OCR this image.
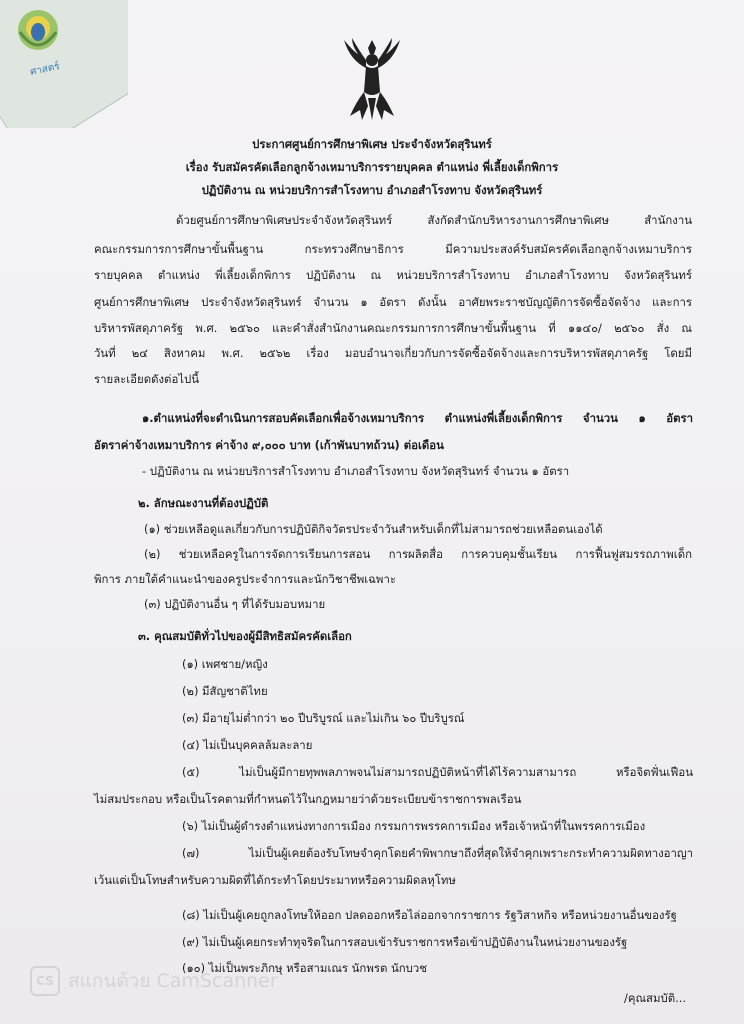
ศาสตร์
ประกาศศูนย์การศึกษาพิเศษ ประจำจังหวัดสุรินทร์
เรื่อง รับสมัครคัดเลือกลูกจ้างเหมาบริการรายบุคคล ตำแหน่ง พี่เลี้ยงเด็กพิการ
ปฏิบัติงาน ณ หน่วยบริการสำโรงทาบ อำเภอสำโรงทาบ จังหวัดสุรินทร์
ด้วยศูนย์การศึกษาพิเศษประจำจังหวัดสุรินทร์ สังกัดสำนักบริหารงานการศึกษาพิเศษ สำนักงาน
คณะกรรมการการศึกษาขั้นพื้นฐาน กระทรวงศึกษาธิการ มีความประสงค์รับสมัครคัดเลือกลูกจ้างเหมาบริการ
รายบุคคล ตำแหน่ง พี่เลี้ยงเด็กพิการ ปฏิบัติงาน ณ หน่วยบริการสำโรงทาบ อำเภอสำโรงทาบ จังหวัดสุรินทร์
ศูนย์การศึกษาพิเศษ ประจำจังหวัดสุรินทร์ จำนวน ๑ อัตรา ดังนั้น อาศัยพระราชบัญญัติการจัดซื้อจัดจ้าง และการ
บริหารพัสดุภาครัฐ พ.ศ. ๒๕๖๐ และคำสั่งสำนักงานคณะกรรมการการศึกษาขั้นพื้นฐาน ที่ ๑๑๔๐/ ๒๕๖๐ สั่ง ณ
วันที่ ๒๔ สิงหาคม พ.ศ. ๒๕๖๒ เรื่อง มอบอำนาจเกี่ยวกับการจัดซื้อจัดจ้างและการบริหารพัสดุภาครัฐ โดยมี
รายละเอียดดังต่อไปนี้
๑.ตำแหน่งที่จะดำเนินการสอบคัดเลือกเพื่อจ้างเหมาบริการ ตำแหน่งพี่เลี้ยงเด็กพิการ จำนวน ๑ อัตรา
อัตราค่าจ้างเหมาบริการ ค่าจ้าง ๙,๐๐๐ บาท (เก้าพันบาทถ้วน) ต่อเดือน
- ปฏิบัติงาน ณ หน่วยบริการสำโรงทาบ อำเภอสำโรงทาบ จังหวัดสุรินทร์ จำนวน ๑ อัตรา
๒. ลักษณะงานที่ต้องปฏิบัติ
(๑) ช่วยเหลือดูแลเกี่ยวกับการปฏิบัติกิจวัตรประจำวันสำหรับเด็กที่ไม่สามารถช่วยเหลือตนเองได้
(๒) ช่วยเหลือครูในการจัดการเรียนการสอน การผลิตสื่อ การควบคุมชั้นเรียน การฟื้นฟูสมรรถภาพเด็ก
พิการ ภายใต้คำแนะนำของครูประจำการและนักวิชาชีพเฉพาะ
(๓) ปฏิบัติงานอื่น ๆ ที่ได้รับมอบหมาย
๓. คุณสมบัติทั่วไปของผู้มีสิทธิสมัครคัดเลือก
(๑) เพศชาย/หญิง
(๒) มีสัญชาติไทย
(๓) มีอายุไม่ต่ำกว่า ๒๐ ปีบริบูรณ์ และไม่เกิน ๖๐ ปีบริบูรณ์
(๔) ไม่เป็นบุคคลล้มละลาย
(๕) ไม่เป็นผู้มีกายทุพพลภาพจนไม่สามารถปฏิบัติหน้าที่ได้ไร้ความสามารถ หรือจิตฟั่นเฟือน
ไม่สมประกอบ หรือเป็นโรคตามที่กำหนดไว้ในกฎหมายว่าด้วยระเบียบข้าราชการพลเรือน
(๖) ไม่เป็นผู้ดำรงตำแหน่งทางการเมือง กรรมการพรรคการเมือง หรือเจ้าหน้าที่ในพรรคการเมือง
(๗) ไม่เป็นผู้เคยต้องรับโทษจำคุกโดยคำพิพากษาถึงที่สุดให้จำคุกเพราะกระทำความผิดทางอาญา
เว้นแต่เป็นโทษสำหรับความผิดที่ได้กระทำโดยประมาทหรือความผิดลหุโทษ
(๘) ไม่เป็นผู้เคยถูกลงโทษให้ออก ปลดออกหรือไล่ออกจากราชการ รัฐวิสาหกิจ หรือหน่วยงานอื่นของรัฐ
(๙) ไม่เป็นผู้เคยกระทำทุจริตในการสอบเข้ารับราชการหรือเข้าปฏิบัติงานในหน่วยงานของรัฐ
(๑๐) ไม่เป็นพระภิกษุ หรือสามเณร นักพรต นักบวช
/คุณสมบัติ...
CS สแกนด้วย CamScanner
